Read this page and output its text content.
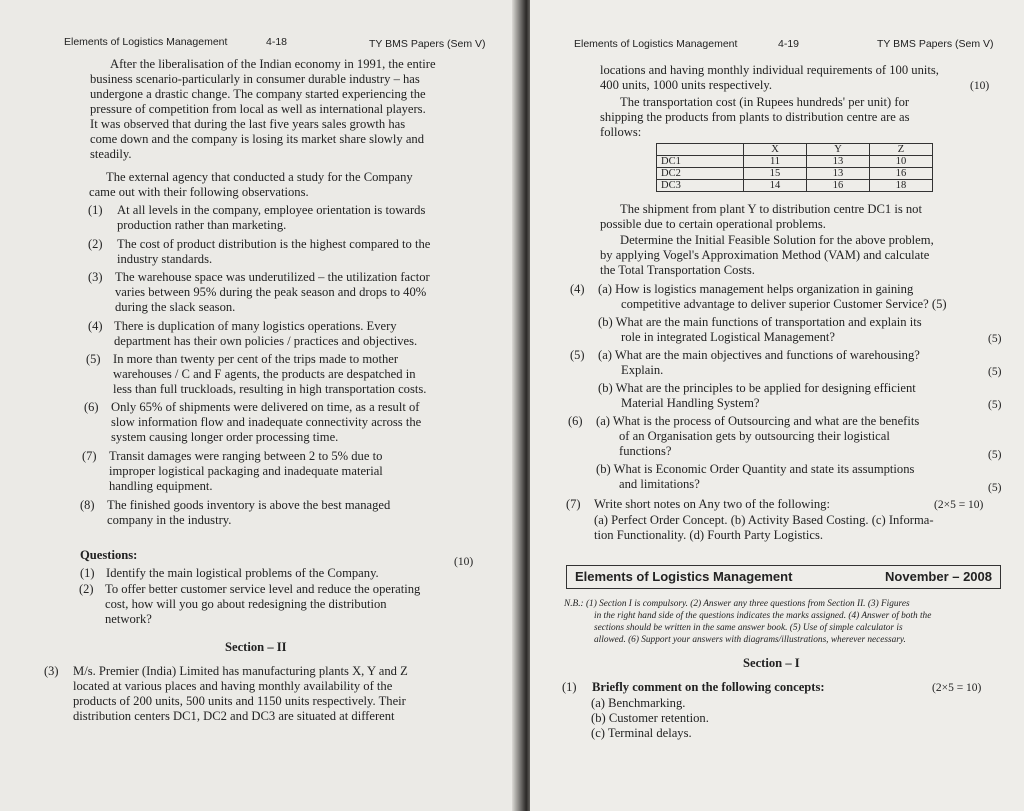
Elements of Logistics Management	4-18	TY BMS Papers (Sem V)
After the liberalisation of the Indian economy in 1991, the entire
business scenario-particularly in consumer durable industry – has
undergone a drastic change. The company started experiencing the
pressure of competition from local as well as international players.
It was observed that during the last five years sales growth has
come down and the company is losing its market share slowly and
steadily.
The external agency that conducted a study for the Company
came out with their following observations.
(1) At all levels in the company, employee orientation is towards
production rather than marketing.
(2) The cost of product distribution is the highest compared to the
industry standards.
(3) The warehouse space was underutilized – the utilization factor
varies between 95% during the peak season and drops to 40%
during the slack season.
(4) There is duplication of many logistics operations. Every
department has their own policies / practices and objectives.
(5) In more than twenty per cent of the trips made to mother
warehouses / C and F agents, the products are despatched in
less than full truckloads, resulting in high transportation costs.
(6) Only 65% of shipments were delivered on time, as a result of
slow information flow and inadequate connectivity across the
system causing longer order processing time.
(7) Transit damages were ranging between 2 to 5% due to
improper logistical packaging and inadequate material
handling equipment.
(8) The finished goods inventory is above the best managed
company in the industry.
Questions:	(10)
(1) Identify the main logistical problems of the Company.
(2) To offer better customer service level and reduce the operating
cost, how will you go about redesigning the distribution
network?
Section – II
(3) M/s. Premier (India) Limited has manufacturing plants X, Y and Z
located at various places and having monthly availability of the
products of 200 units, 500 units and 1150 units respectively. Their
distribution centers DC1, DC2 and DC3 are situated at different
Elements of Logistics Management	4-19	TY BMS Papers (Sem V)
locations and having monthly individual requirements of 100 units,
400 units, 1000 units respectively.	(10)
The transportation cost (in Rupees hundreds' per unit) for
shipping the products from plants to distribution centre are as
follows:
	X	Y	Z
DC1	11	13	10
DC2	15	13	16
DC3	14	16	18
The shipment from plant Y to distribution centre DC1 is not
possible due to certain operational problems.
Determine the Initial Feasible Solution for the above problem,
by applying Vogel's Approximation Method (VAM) and calculate
the Total Transportation Costs.
(4) (a) How is logistics management helps organization in gaining
competitive advantage to deliver superior Customer Service? (5)
(b) What are the main functions of transportation and explain its
role in integrated Logistical Management?	(5)
(5) (a) What are the main objectives and functions of warehousing?
Explain.	(5)
(b) What are the principles to be applied for designing efficient
Material Handling System?	(5)
(6) (a) What is the process of Outsourcing and what are the benefits
of an Organisation gets by outsourcing their logistical
functions?	(5)
(b) What is Economic Order Quantity and state its assumptions
and limitations?	(5)
(7) Write short notes on Any two of the following:	(2×5 = 10)
(a) Perfect Order Concept. (b) Activity Based Costing. (c) Informa-
tion Functionality. (d) Fourth Party Logistics.
Elements of Logistics Management	November – 2008
N.B.: (1) Section I is compulsory. (2) Answer any three questions from Section II. (3) Figures
in the right hand side of the questions indicates the marks assigned. (4) Answer of both the
sections should be written in the same answer book. (5) Use of simple calculator is
allowed. (6) Support your answers with diagrams/illustrations, wherever necessary.
Section – I
(1) Briefly comment on the following concepts:	(2×5 = 10)
(a) Benchmarking.
(b) Customer retention.
(c) Terminal delays.
